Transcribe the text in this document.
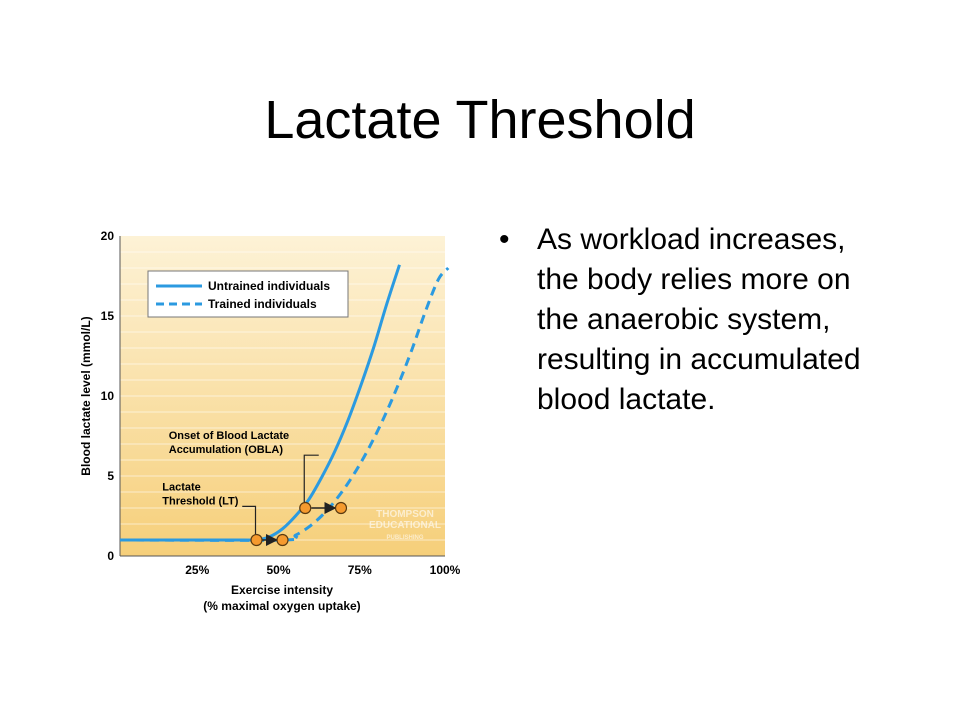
Lactate Threshold
THOMPSON
EDUCATIONAL
PUBLISHING
0
5
10
15
20
25%	50%	75%	100%
Blood lactate level (mmol/L)
Exercise intensity
(% maximal oxygen uptake)
Onset of Blood Lactate
Accumulation (OBLA)
Lactate
Threshold (LT)
Untrained individuals
Trained individuals
• As workload increases, the body relies more on the anaerobic system, resulting in accumulated blood lactate.
